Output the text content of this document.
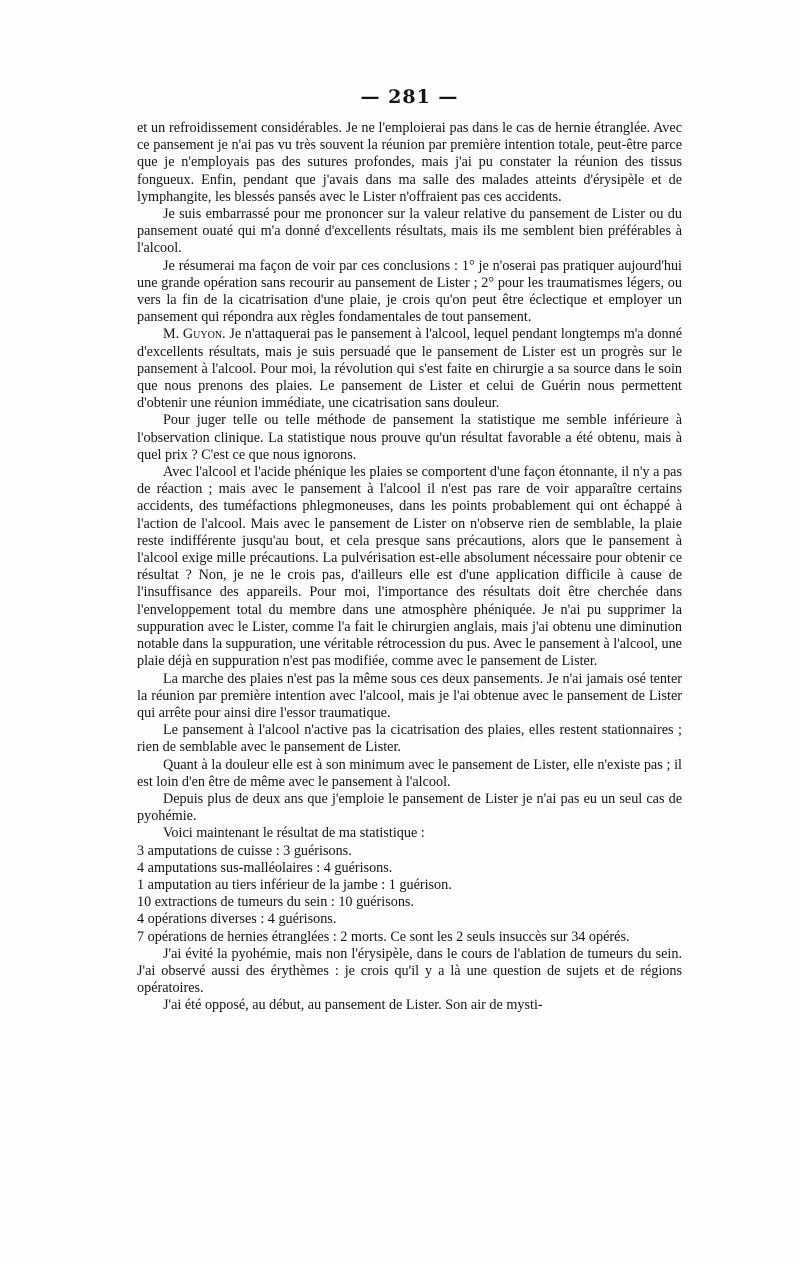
— 281 —

et un refroidissement considérables. Je ne l'emploierai pas dans le cas de hernie étranglée. Avec ce pansement je n'ai pas vu très souvent la réunion par première intention totale, peut-être parce que je n'employais pas des sutures profondes, mais j'ai pu constater la réunion des tissus fongueux. Enfin, pendant que j'avais dans ma salle des malades atteints d'érysipèle et de lymphangite, les blessés pansés avec le Lister n'offraient pas ces accidents.

Je suis embarrassé pour me prononcer sur la valeur relative du pansement de Lister ou du pansement ouaté qui m'a donné d'excellents résultats, mais ils me semblent bien préférables à l'alcool.

Je résumerai ma façon de voir par ces conclusions : 1° je n'oserai pas pratiquer aujourd'hui une grande opération sans recourir au pansement de Lister ; 2° pour les traumatismes légers, ou vers la fin de la cicatrisation d'une plaie, je crois qu'on peut être éclectique et employer un pansement qui répondra aux règles fondamentales de tout pansement.

M. Guyon. Je n'attaquerai pas le pansement à l'alcool, lequel pendant longtemps m'a donné d'excellents résultats, mais je suis persuadé que le pansement de Lister est un progrès sur le pansement à l'alcool. Pour moi, la révolution qui s'est faite en chirurgie a sa source dans le soin que nous prenons des plaies. Le pansement de Lister et celui de Guérin nous permettent d'obtenir une réunion immédiate, une cicatrisation sans douleur.

Pour juger telle ou telle méthode de pansement la statistique me semble inférieure à l'observation clinique. La statistique nous prouve qu'un résultat favorable a été obtenu, mais à quel prix ? C'est ce que nous ignorons.

Avec l'alcool et l'acide phénique les plaies se comportent d'une façon étonnante, il n'y a pas de réaction ; mais avec le pansement à l'alcool il n'est pas rare de voir apparaître certains accidents, des tuméfactions phlegmoneuses, dans les points probablement qui ont échappé à l'action de l'alcool. Mais avec le pansement de Lister on n'observe rien de semblable, la plaie reste indifférente jusqu'au bout, et cela presque sans précautions, alors que le pansement à l'alcool exige mille précautions. La pulvérisation est-elle absolument nécessaire pour obtenir ce résultat ? Non, je ne le crois pas, d'ailleurs elle est d'une application difficile à cause de l'insuffisance des appareils. Pour moi, l'importance des résultats doit être cherchée dans l'enveloppement total du membre dans une atmosphère phéniquée. Je n'ai pu supprimer la suppuration avec le Lister, comme l'a fait le chirurgien anglais, mais j'ai obtenu une diminution notable dans la suppuration, une véritable rétrocession du pus. Avec le pansement à l'alcool, une plaie déjà en suppuration n'est pas modifiée, comme avec le pansement de Lister.

La marche des plaies n'est pas la même sous ces deux pansements. Je n'ai jamais osé tenter la réunion par première intention avec l'alcool, mais je l'ai obtenue avec le pansement de Lister qui arrête pour ainsi dire l'essor traumatique.

Le pansement à l'alcool n'active pas la cicatrisation des plaies, elles restent stationnaires ; rien de semblable avec le pansement de Lister.

Quant à la douleur elle est à son minimum avec le pansement de Lister, elle n'existe pas ; il est loin d'en être de même avec le pansement à l'alcool.

Depuis plus de deux ans que j'emploie le pansement de Lister je n'ai pas eu un seul cas de pyohémie.

Voici maintenant le résultat de ma statistique :

3 amputations de cuisse : 3 guérisons.
4 amputations sus-malléolaires : 4 guérisons.
1 amputation au tiers inférieur de la jambe : 1 guérison.
10 extractions de tumeurs du sein : 10 guérisons.
4 opérations diverses : 4 guérisons.
7 opérations de hernies étranglées : 2 morts. Ce sont les 2 seuls insuccès sur 34 opérés.

J'ai évité la pyohémie, mais non l'érysipèle, dans le cours de l'ablation de tumeurs du sein. J'ai observé aussi des érythèmes : je crois qu'il y a là une question de sujets et de régions opératoires.

J'ai été opposé, au début, au pansement de Lister. Son air de mysti-
